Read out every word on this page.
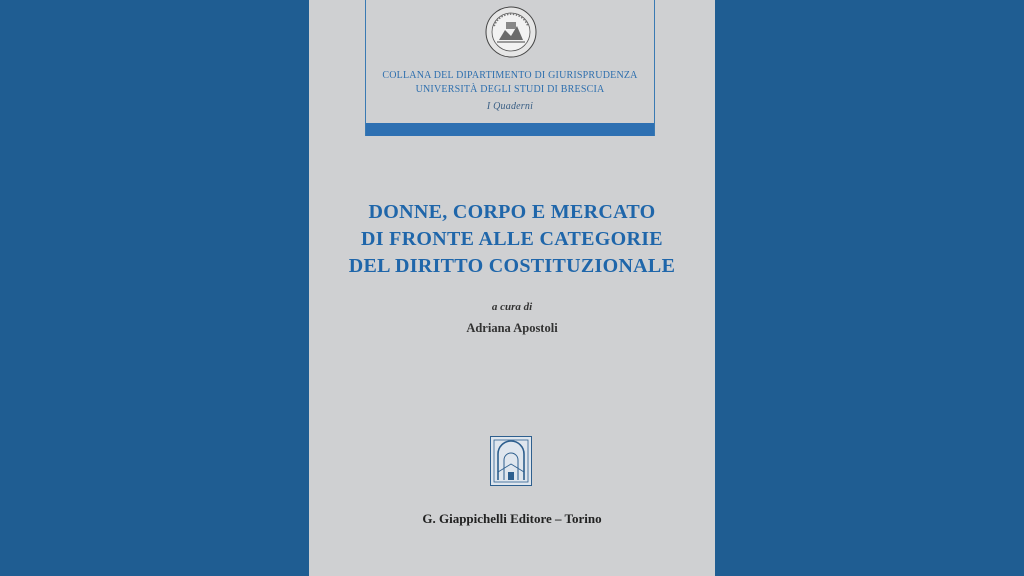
COLLANA DEL DIPARTIMENTO DI GIURISPRUDENZA
UNIVERSITÀ DEGLI STUDI DI BRESCIA
I Quaderni
DONNE, CORPO E MERCATO
DI FRONTE ALLE CATEGORIE
DEL DIRITTO COSTITUZIONALE
a cura di
Adriana Apostoli
G. Giappichelli Editore – Torino
